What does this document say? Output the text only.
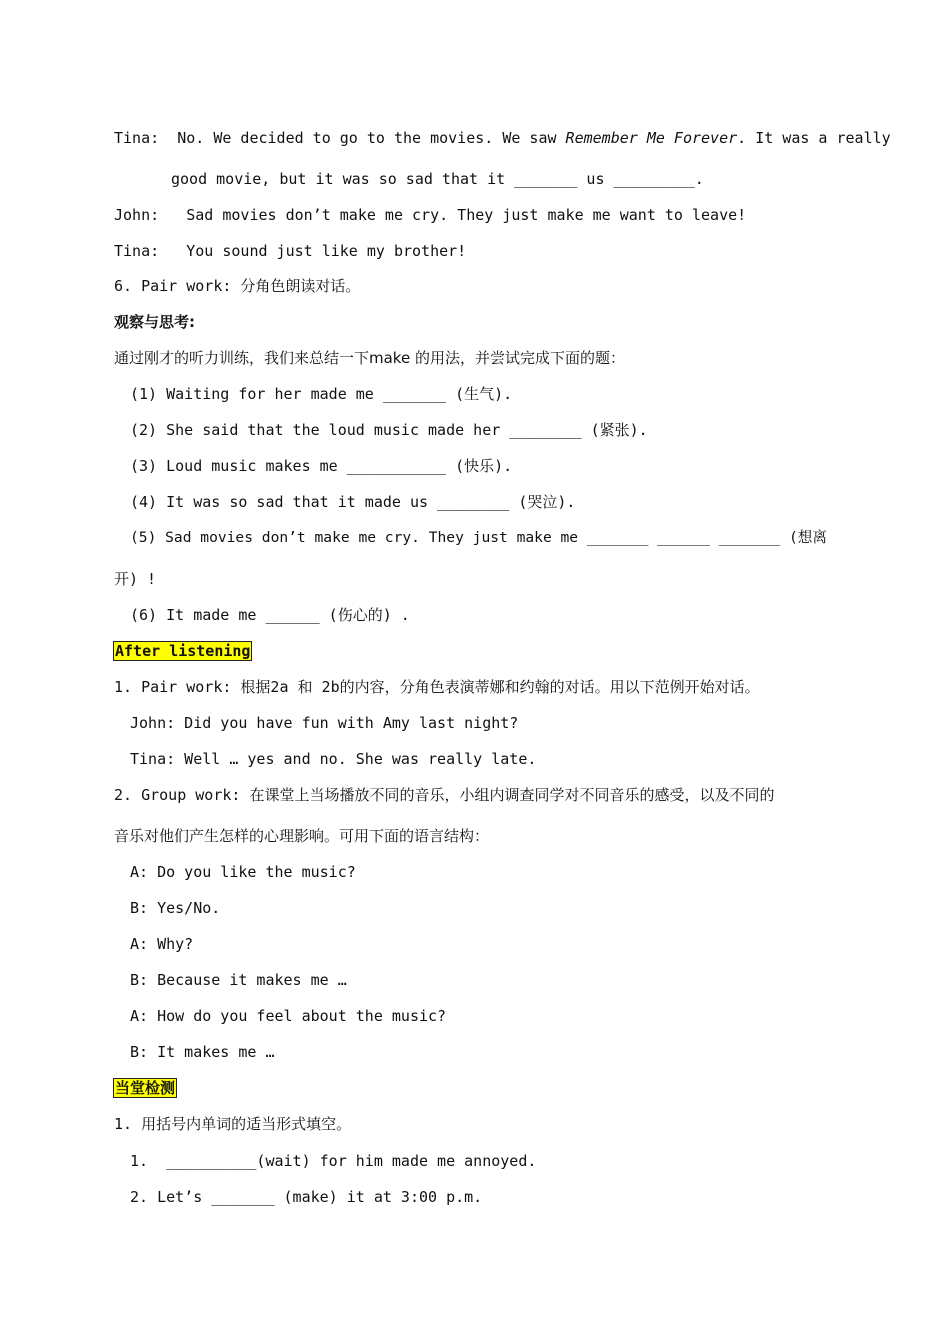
Tina: No. We decided to go to the movies. We saw Remember Me Forever. It was a really
good movie, but it was so sad that it _______ us _________.
John: Sad movies don’t make me cry. They just make me want to leave!
Tina: You sound just like my brother!
6. Pair work: 分角色朗读对话。
观察与思考:
通过刚才的听力训练，我们来总结一下make 的用法，并尝试完成下面的题：
(1) Waiting for her made me _______ (生气).
(2) She said that the loud music made her ________ (紧张).
(3) Loud music makes me ___________ (快乐).
(4) It was so sad that it made us ________ (哭泣).
(5) Sad movies don’t make me cry. They just make me _______ ______ _______ (想离
开) !
(6) It made me ______ (伤心的) .
After listening
1. Pair work: 根据2a 和 2b的内容，分角色表演蒂娜和约翰的对话。用以下范例开始对话。
John: Did you have fun with Amy last night?
Tina: Well … yes and no. She was really late.
2. Group work: 在课堂上当场播放不同的音乐，小组内调查同学对不同音乐的感受，以及不同的
音乐对他们产生怎样的心理影响。可用下面的语言结构：
A: Do you like the music?
B: Yes/No.
A: Why?
B: Because it makes me …
A: How do you feel about the music?
B: It makes me …
当堂检测
1. 用括号内单词的适当形式填空。
1.  __________(wait) for him made me annoyed.
2. Let’s _______ (make) it at 3:00 p.m.
